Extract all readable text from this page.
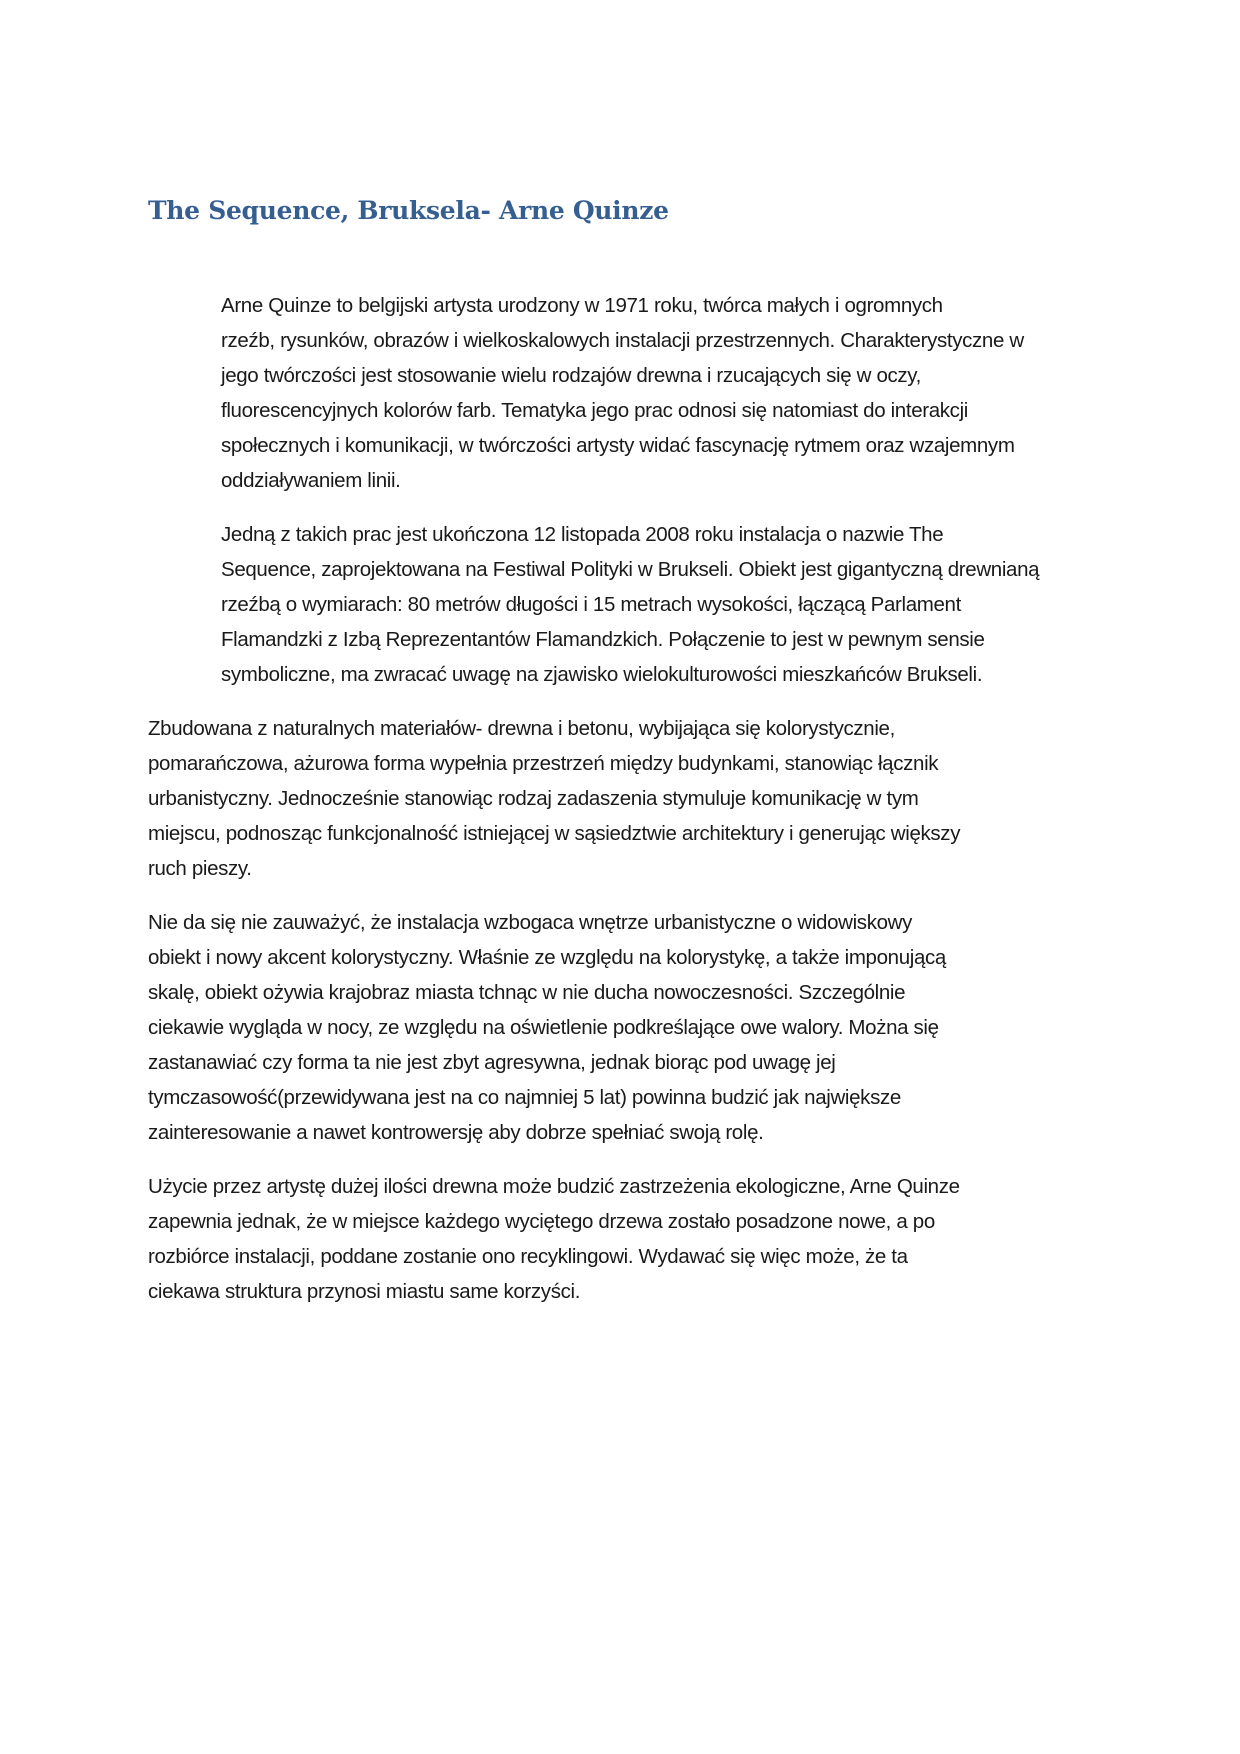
The Sequence, Bruksela- Arne Quinze

Arne Quinze to belgijski artysta urodzony w 1971 roku, twórca małych i ogromnych
rzeźb, rysunków, obrazów i wielkoskalowych instalacji przestrzennych. Charakterystyczne w
jego twórczości jest stosowanie wielu rodzajów drewna i rzucających się w oczy,
fluorescencyjnych kolorów farb. Tematyka jego prac odnosi się natomiast do interakcji
społecznych i komunikacji, w twórczości artysty widać fascynację rytmem oraz wzajemnym
oddziaływaniem linii.

Jedną z takich prac jest ukończona 12 listopada 2008 roku instalacja o nazwie The
Sequence, zaprojektowana na Festiwal Polityki w Brukseli. Obiekt jest gigantyczną drewnianą
rzeźbą o wymiarach: 80 metrów długości i 15 metrach wysokości, łączącą Parlament
Flamandzki z Izbą Reprezentantów Flamandzkich. Połączenie to jest w pewnym sensie
symboliczne, ma zwracać uwagę na zjawisko wielokulturowości mieszkańców Brukseli.

Zbudowana z naturalnych materiałów- drewna i betonu, wybijająca się kolorystycznie,
pomarańczowa, ażurowa forma wypełnia przestrzeń między budynkami, stanowiąc łącznik
urbanistyczny. Jednocześnie stanowiąc rodzaj zadaszenia stymuluje komunikację w tym
miejscu, podnosząc funkcjonalność istniejącej w sąsiedztwie architektury i generując większy
ruch pieszy.

Nie da się nie zauważyć, że instalacja wzbogaca wnętrze urbanistyczne o widowiskowy
obiekt i nowy akcent kolorystyczny. Właśnie ze względu na kolorystykę, a także imponującą
skalę, obiekt ożywia krajobraz miasta tchnąc w nie ducha nowoczesności. Szczególnie
ciekawie wygląda w nocy, ze względu na oświetlenie podkreślające owe walory. Można się
zastanawiać czy forma ta nie jest zbyt agresywna, jednak biorąc pod uwagę jej
tymczasowość(przewidywana jest na co najmniej 5 lat) powinna budzić jak największe
zainteresowanie a nawet kontrowersję aby dobrze spełniać swoją rolę.

Użycie przez artystę dużej ilości drewna może budzić zastrzeżenia ekologiczne, Arne Quinze
zapewnia jednak, że w miejsce każdego wyciętego drzewa zostało posadzone nowe, a po
rozbiórce instalacji, poddane zostanie ono recyklingowi. Wydawać się więc może, że ta
ciekawa struktura przynosi miastu same korzyści.
